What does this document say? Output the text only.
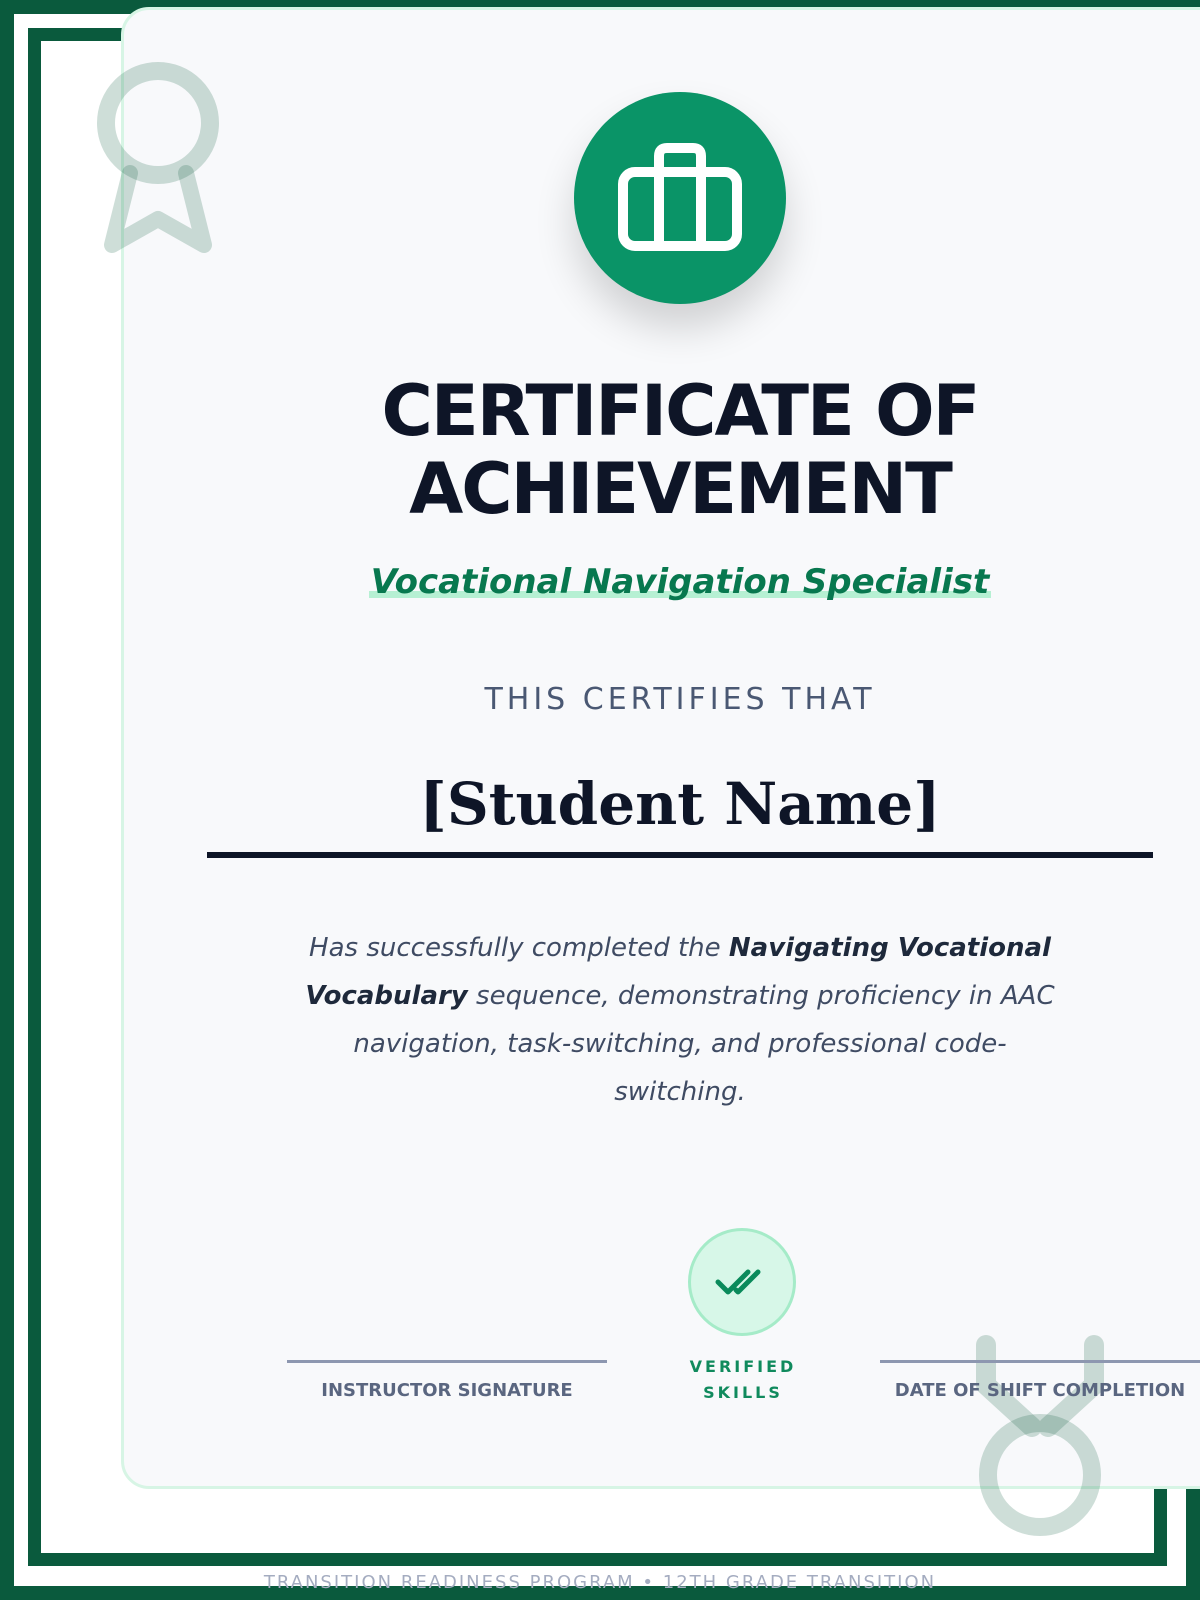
CERTIFICATE OF
ACHIEVEMENT
Vocational Navigation Specialist
THIS CERTIFIES THAT
[Student Name]
Has successfully completed the Navigating Vocational Vocabulary sequence, demonstrating proficiency in AAC navigation, task-switching, and professional code-switching.
VERIFIED
SKILLS
INSTRUCTOR SIGNATURE	DATE OF SHIFT COMPLETION
TRANSITION READINESS PROGRAM • 12TH GRADE TRANSITION
